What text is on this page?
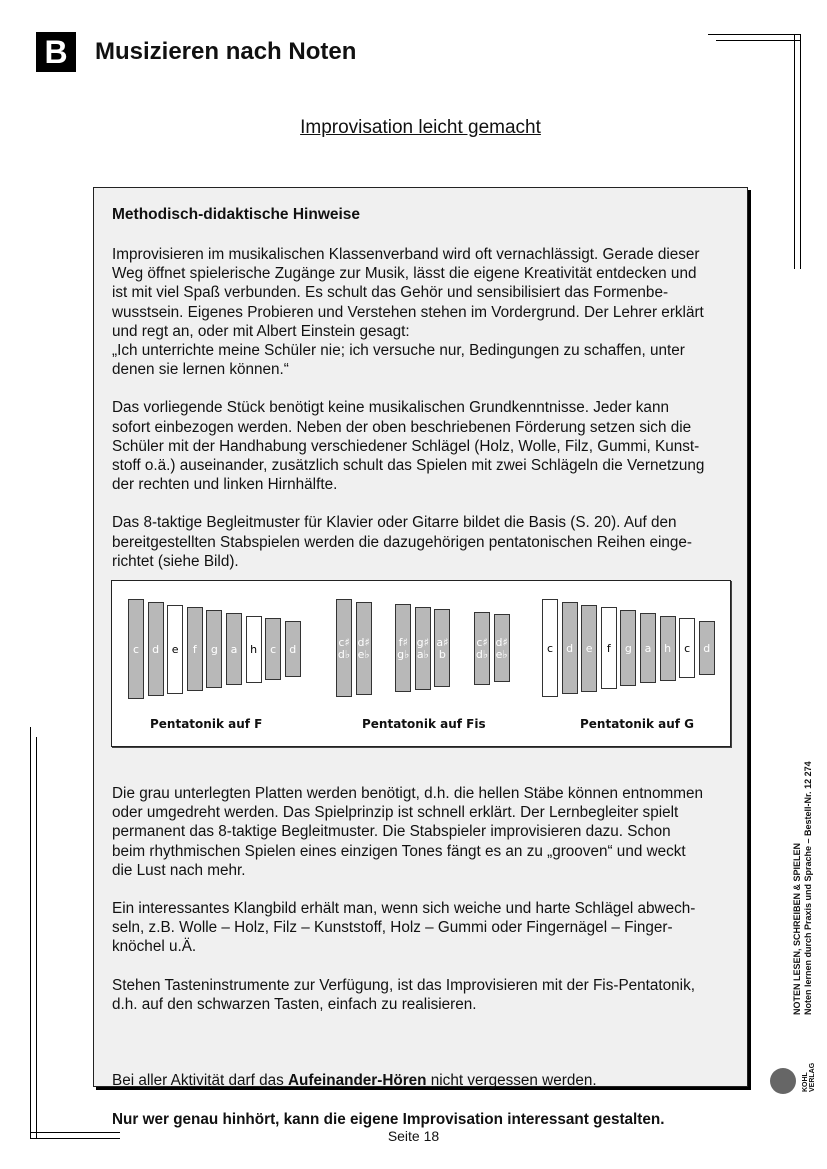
B	Musizieren nach Noten
Improvisation leicht gemacht
Methodisch-didaktische Hinweise

Improvisieren im musikalischen Klassenverband wird oft vernachlässigt. Gerade dieser
Weg öffnet spielerische Zugänge zur Musik, lässt die eigene Kreativität entdecken und
ist mit viel Spaß verbunden. Es schult das Gehör und sensibilisiert das Formenbe-
wusstsein. Eigenes Probieren und Verstehen stehen im Vordergrund. Der Lehrer erklärt
und regt an, oder mit Albert Einstein gesagt:
„Ich unterrichte meine Schüler nie; ich versuche nur, Bedingungen zu schaffen, unter
denen sie lernen können.“

Das vorliegende Stück benötigt keine musikalischen Grundkenntnisse. Jeder kann
sofort einbezogen werden. Neben der oben beschriebenen Förderung setzen sich die
Schüler mit der Handhabung verschiedener Schlägel (Holz, Wolle, Filz, Gummi, Kunst-
stoff o.ä.) auseinander, zusätzlich schult das Spielen mit zwei Schlägeln die Vernetzung
der rechten und linken Hirnhälfte.

Das 8-taktige Begleitmuster für Klavier oder Gitarre bildet die Basis (S. 20). Auf den
bereitgestellten Stabspielen werden die dazugehörigen pentatonischen Reihen einge-
richtet (siehe Bild).

Die grau unterlegten Platten werden benötigt, d.h. die hellen Stäbe können entnommen
oder umgedreht werden. Das Spielprinzip ist schnell erklärt. Der Lernbegleiter spielt
permanent das 8-taktige Begleitmuster. Die Stabspieler improvisieren dazu. Schon
beim rhythmischen Spielen eines einzigen Tones fängt es an zu „grooven“ und weckt
die Lust nach mehr.

Ein interessantes Klangbild erhält man, wenn sich weiche und harte Schlägel abwech-
seln, z.B. Wolle – Holz, Filz – Kunststoff, Holz – Gummi oder Fingernägel – Finger-
knöchel u.Ä.

Stehen Tasteninstrumente zur Verfügung, ist das Improvisieren mit der Fis-Pentatonik,
d.h. auf den schwarzen Tasten, einfach zu realisieren.

Bei aller Aktivität darf das Aufeinander-Hören nicht vergessen werden.

Nur wer genau hinhört, kann die eigene Improvisation interessant gestalten.

c	d	e	f	g	a	h	c	d
Pentatonik auf F
c♯
d♭
d♯
e♭
f♯
g♭
g♯
a♭
a♯
b
c♯
d♭
d♯
e♭
Pentatonik auf Fis
c	d	e	f	g	a	h	c	d
Pentatonik auf G
NOTEN LESEN, SCHREIBEN & SPIELEN Noten lernen durch Praxis und Sprache – Bestell-Nr. 12 274
KOHL VERLAG
Seite 18
